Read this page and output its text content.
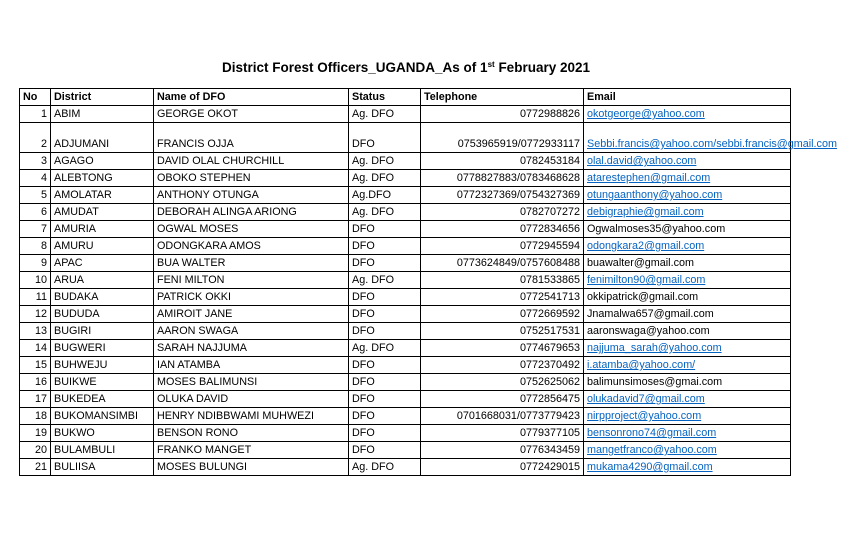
District Forest Officers_UGANDA_As of 1st February 2021
No	District	Name of DFO	Status	Telephone	Email
1	ABIM	GEORGE OKOT	Ag. DFO	0772988826	okotgeorge@yahoo.com
2	ADJUMANI	FRANCIS OJJA	DFO	0753965919/0772933117	Sebbi.francis@yahoo.com/sebbi.francis@gmail.com
3	AGAGO	DAVID OLAL CHURCHILL	Ag. DFO	0782453184	olal.david@yahoo.com
4	ALEBTONG	OBOKO STEPHEN	Ag. DFO	0778827883/0783468628	atarestephen@gmail.com
5	AMOLATAR	ANTHONY OTUNGA	Ag.DFO	0772327369/0754327369	otungaanthony@yahoo.com
6	AMUDAT	DEBORAH ALINGA ARIONG	Ag. DFO	0782707272	debigraphie@gmail.com
7	AMURIA	OGWAL MOSES	DFO	0772834656	Ogwalmoses35@yahoo.com
8	AMURU	ODONGKARA AMOS	DFO	0772945594	odongkara2@gmail.com
9	APAC	BUA WALTER	DFO	0773624849/0757608488	buawalter@gmail.com
10	ARUA	FENI MILTON	Ag. DFO	0781533865	fenimilton90@gmail.com
11	BUDAKA	PATRICK OKKI	DFO	0772541713	okkipatrick@gmail.com
12	BUDUDA	AMIROIT JANE	DFO	0772669592	Jnamalwa657@gmail.com
13	BUGIRI	AARON SWAGA	DFO	0752517531	aaronswaga@yahoo.com
14	BUGWERI	SARAH NAJJUMA	Ag. DFO	0774679653	najjuma_sarah@yahoo.com
15	BUHWEJU	IAN ATAMBA	DFO	0772370492	i.atamba@yahoo.com/
16	BUIKWE	MOSES BALIMUNSI	DFO	0752625062	balimunsimoses@gmai.com
17	BUKEDEA	OLUKA DAVID	DFO	0772856475	olukadavid7@gmail.com
18	BUKOMANSIMBI	HENRY NDIBBWAMI MUHWEZI	DFO	0701668031/0773779423	nirpproject@yahoo.com
19	BUKWO	BENSON RONO	DFO	0779377105	bensonrono74@gmail.com
20	BULAMBULI	FRANKO MANGET	DFO	0776343459	mangetfranco@yahoo.com
21	BULIISA	MOSES BULUNGI	Ag. DFO	0772429015	mukama4290@gmail.com
